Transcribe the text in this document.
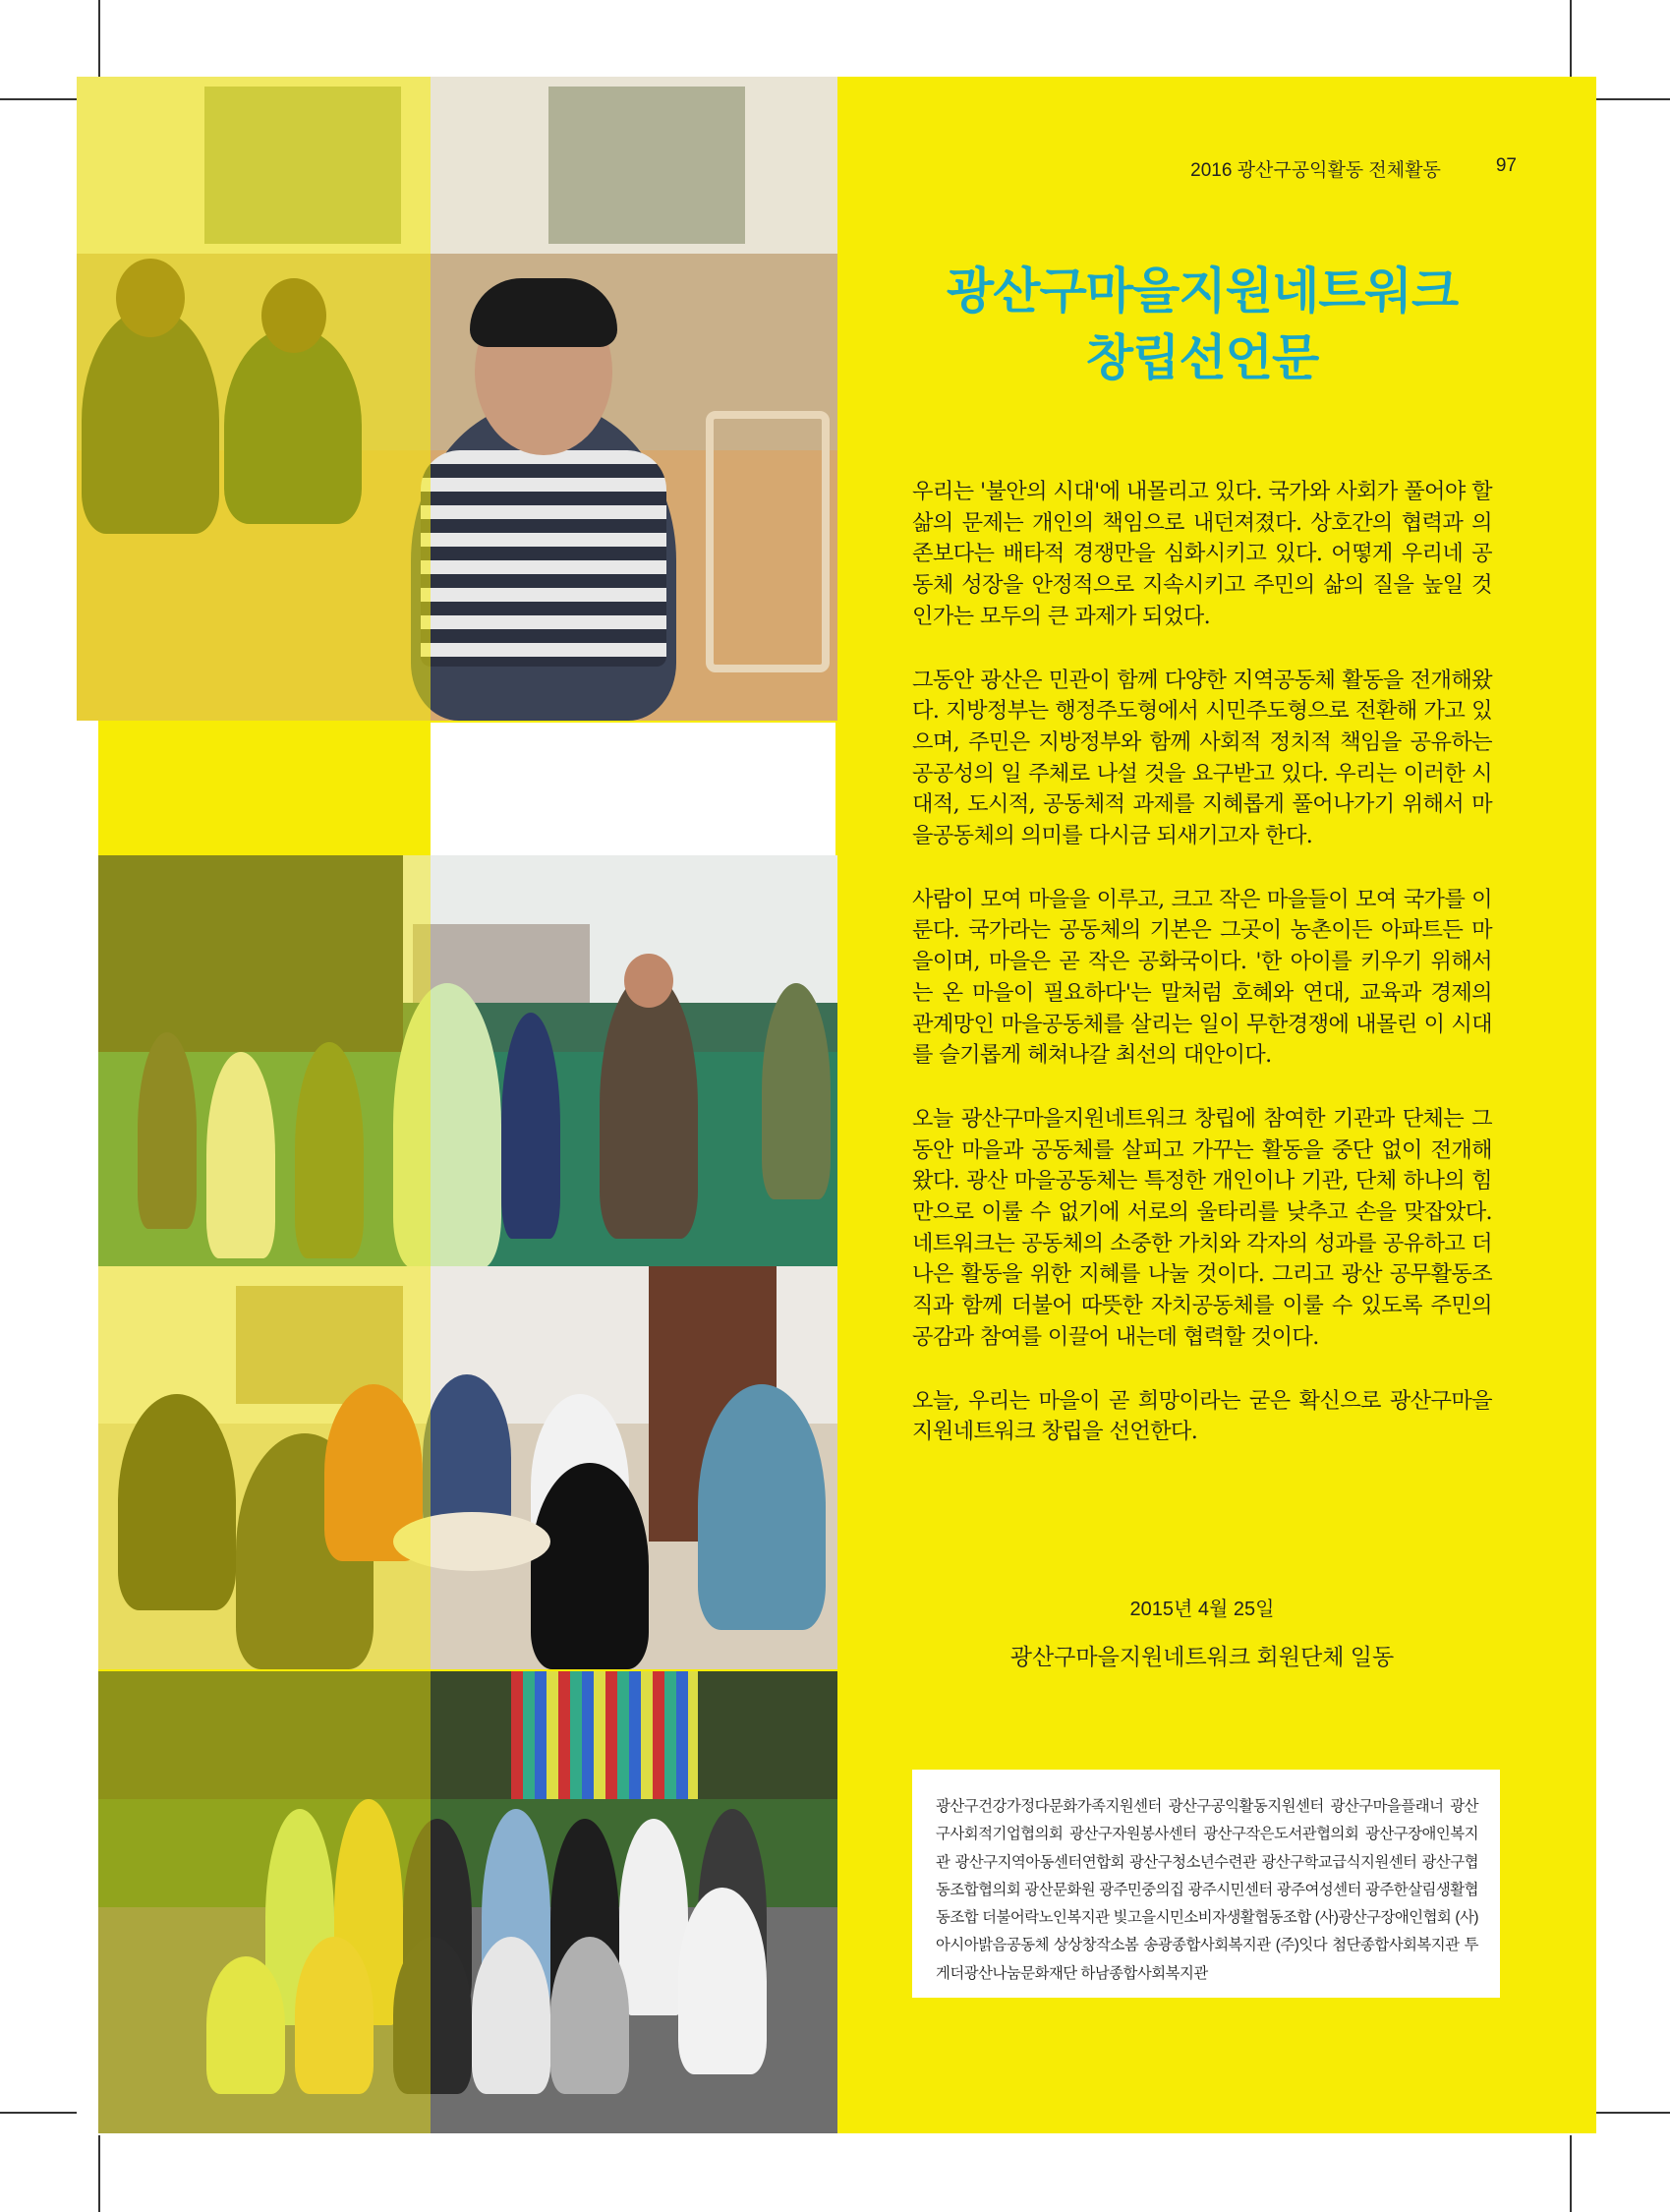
2016 광산구공익활동 전체활동	97
광산구마을지원네트워크
창립선언문

우리는 '불안의 시대'에 내몰리고 있다. 국가와 사회가 풀어야 할 삶의 문제는 개인의 책임으로 내던져졌다. 상호간의 협력과 의존보다는 배타적 경쟁만을 심화시키고 있다. 어떻게 우리네 공동체 성장을 안정적으로 지속시키고 주민의 삶의 질을 높일 것인가는 모두의 큰 과제가 되었다.

그동안 광산은 민관이 함께 다양한 지역공동체 활동을 전개해왔다. 지방정부는 행정주도형에서 시민주도형으로 전환해 가고 있으며, 주민은 지방정부와 함께 사회적 정치적 책임을 공유하는 공공성의 일 주체로 나설 것을 요구받고 있다. 우리는 이러한 시대적, 도시적, 공동체적 과제를 지혜롭게 풀어나가기 위해서 마을공동체의 의미를 다시금 되새기고자 한다.

사람이 모여 마을을 이루고, 크고 작은 마을들이 모여 국가를 이룬다. 국가라는 공동체의 기본은 그곳이 농촌이든 아파트든 마을이며, 마을은 곧 작은 공화국이다. '한 아이를 키우기 위해서는 온 마을이 필요하다'는 말처럼 호혜와 연대, 교육과 경제의 관계망인 마을공동체를 살리는 일이 무한경쟁에 내몰린 이 시대를 슬기롭게 헤쳐나갈 최선의 대안이다.

오늘 광산구마을지원네트워크 창립에 참여한 기관과 단체는 그동안 마을과 공동체를 살피고 가꾸는 활동을 중단 없이 전개해왔다. 광산 마을공동체는 특정한 개인이나 기관, 단체 하나의 힘만으로 이룰 수 없기에 서로의 울타리를 낮추고 손을 맞잡았다. 네트워크는 공동체의 소중한 가치와 각자의 성과를 공유하고 더 나은 활동을 위한 지혜를 나눌 것이다. 그리고 광산 공무활동조직과 함께 더불어 따뜻한 자치공동체를 이룰 수 있도록 주민의 공감과 참여를 이끌어 내는데 협력할 것이다.

오늘, 우리는 마을이 곧 희망이라는 굳은 확신으로 광산구마을지원네트워크 창립을 선언한다.

2015년 4월 25일
광산구마을지원네트워크 회원단체 일동
광산구건강가정다문화가족지원센터 광산구공익활동지원센터 광산구마을플래너 광산구사회적기업협의회 광산구자원봉사센터 광산구작은도서관협의회 광산구장애인복지관 광산구지역아동센터연합회 광산구청소년수련관 광산구학교급식지원센터 광산구협동조합협의회 광산문화원 광주민중의집 광주시민센터 광주여성센터 광주한살림생활협동조합 더불어락노인복지관 빛고을시민소비자생활협동조합 (사)광산구장애인협회 (사)아시아밝음공동체 상상창작소봄 송광종합사회복지관 (주)잇다 첨단종합사회복지관 투게더광산나눔문화재단 하남종합사회복지관
